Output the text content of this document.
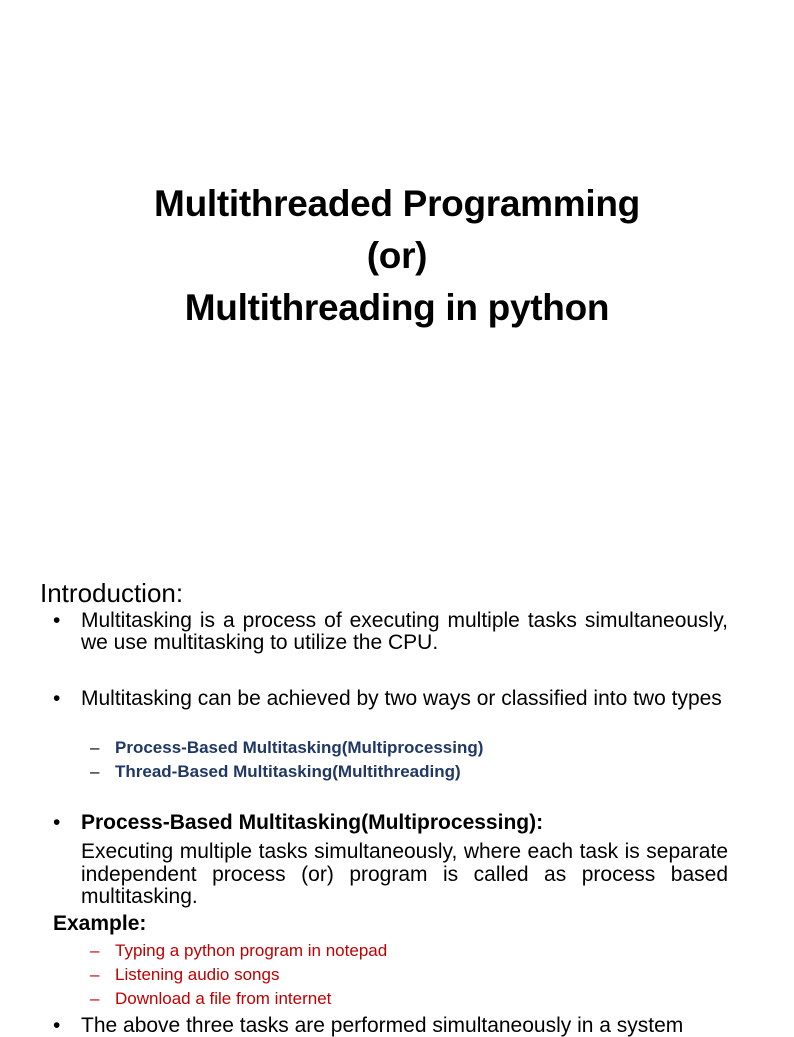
Multithreaded Programming
(or)
Multithreading in python
Introduction:
• Multitasking is a process of executing multiple tasks simultaneously, we use multitasking to utilize the CPU.
• Multitasking can be achieved by two ways or classified into two types
– Process-Based Multitasking(Multiprocessing)
– Thread-Based Multitasking(Multithreading)
• Process-Based Multitasking(Multiprocessing):
Executing multiple tasks simultaneously, where each task is separate independent process (or) program is called as process based multitasking.
Example:
– Typing a python program in notepad
– Listening audio songs
– Download a file from internet
• The above three tasks are performed simultaneously in a system
